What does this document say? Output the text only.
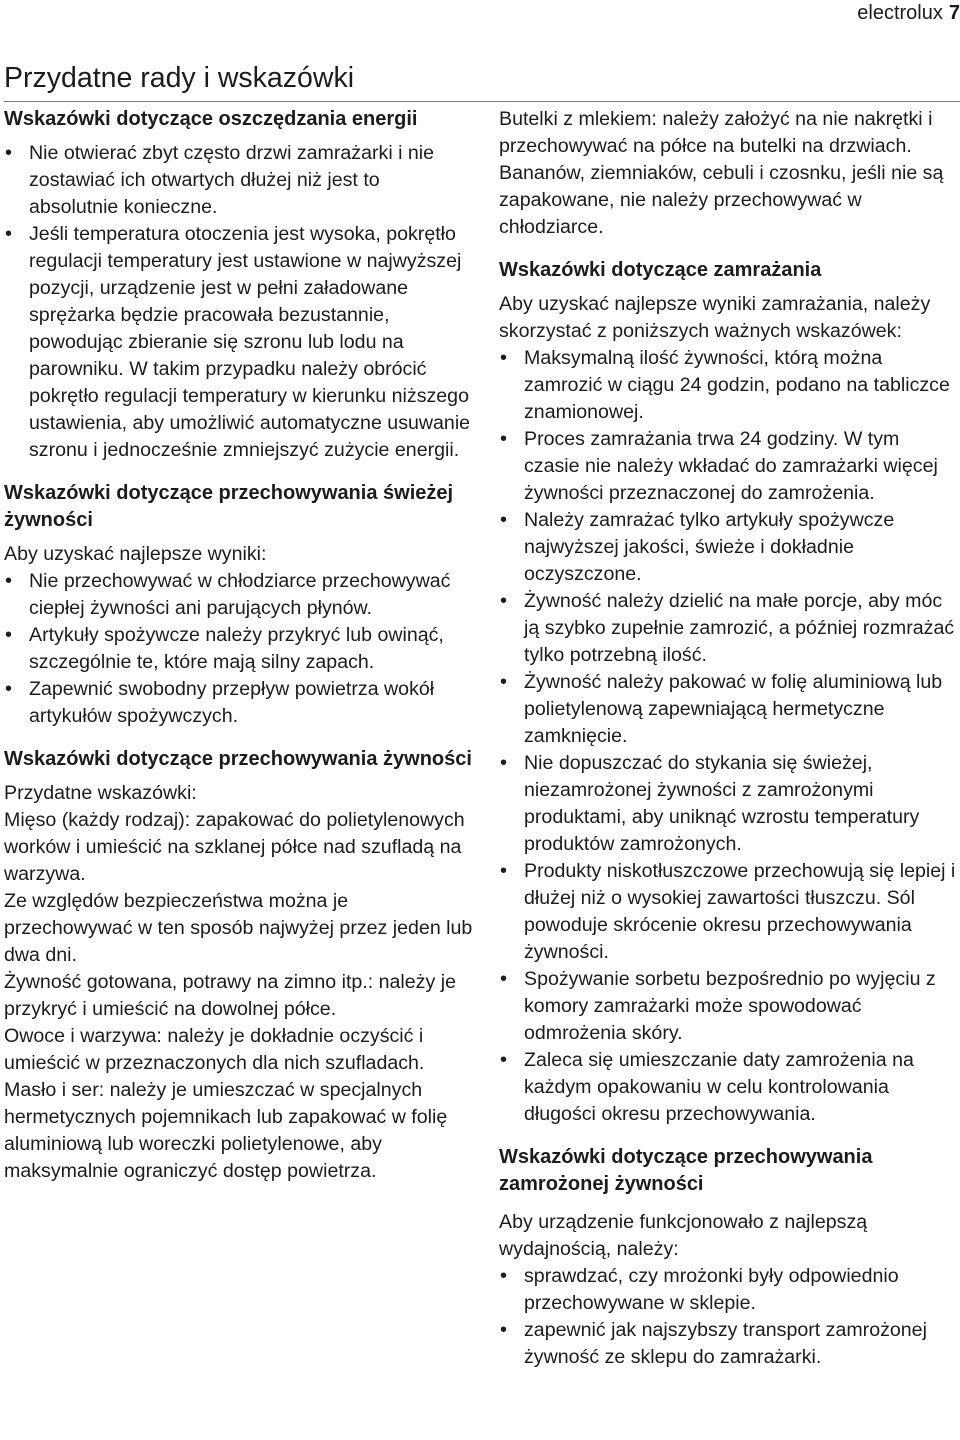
electrolux 7
Przydatne rady i wskazówki
Wskazówki dotyczące oszczędzania energii
• Nie otwierać zbyt często drzwi zamrażarki i nie zostawiać ich otwartych dłużej niż jest to absolutnie konieczne.
• Jeśli temperatura otoczenia jest wysoka, pokrętło regulacji temperatury jest ustawione w najwyższej pozycji, urządzenie jest w pełni załadowane sprężarka będzie pracowała bezustannie, powodując zbieranie się szronu lub lodu na parowniku. W takim przypadku należy obrócić pokrętło regulacji temperatury w kierunku niższego ustawienia, aby umożliwić automatyczne usuwanie szronu i jednocześnie zmniejszyć zużycie energii.
Wskazówki dotyczące przechowywania świeżej żywności

Aby uzyskać najlepsze wyniki:

• Nie przechowywać w chłodziarce przechowywać ciepłej żywności ani parujących płynów.
• Artykuły spożywcze należy przykryć lub owinąć, szczególnie te, które mają silny zapach.
• Zapewnić swobodny przepływ powietrza wokół artykułów spożywczych.
Wskazówki dotyczące przechowywania żywności

Przydatne wskazówki:

Mięso (każdy rodzaj): zapakować do polietylenowych worków i umieścić na szklanej półce nad szufladą na warzywa.

Ze względów bezpieczeństwa można je przechowywać w ten sposób najwyżej przez jeden lub dwa dni.

Żywność gotowana, potrawy na zimno itp.: należy je przykryć i umieścić na dowolnej półce.

Owoce i warzywa: należy je dokładnie oczyścić i umieścić w przeznaczonych dla nich szufladach.

Masło i ser: należy je umieszczać w specjalnych hermetycznych pojemnikach lub zapakować w folię aluminiową lub woreczki polietylenowe, aby maksymalnie ograniczyć dostęp powietrza.

Butelki z mlekiem: należy założyć na nie nakrętki i przechowywać na półce na butelki na drzwiach.

Bananów, ziemniaków, cebuli i czosnku, jeśli nie są zapakowane, nie należy przechowywać w chłodziarce.

Wskazówki dotyczące zamrażania

Aby uzyskać najlepsze wyniki zamrażania, należy skorzystać z poniższych ważnych wskazówek:

• Maksymalną ilość żywności, którą można zamrozić w ciągu 24 godzin, podano na tabliczce znamionowej.
• Proces zamrażania trwa 24 godziny. W tym czasie nie należy wkładać do zamrażarki więcej żywności przeznaczonej do zamrożenia.
• Należy zamrażać tylko artykuły spożywcze najwyższej jakości, świeże i dokładnie oczyszczone.
• Żywność należy dzielić na małe porcje, aby móc ją szybko zupełnie zamrozić, a później rozmrażać tylko potrzebną ilość.
• Żywność należy pakować w folię aluminiową lub polietylenową zapewniającą hermetyczne zamknięcie.
• Nie dopuszczać do stykania się świeżej, niezamrożonej żywności z zamrożonymi produktami, aby uniknąć wzrostu temperatury produktów zamrożonych.
• Produkty niskotłuszczowe przechowują się lepiej i dłużej niż o wysokiej zawartości tłuszczu. Sól powoduje skrócenie okresu przechowywania żywności.
• Spożywanie sorbetu bezpośrednio po wyjęciu z komory zamrażarki może spowodować odmrożenia skóry.
• Zaleca się umieszczanie daty zamrożenia na każdym opakowaniu w celu kontrolowania długości okresu przechowywania.
Wskazówki dotyczące przechowywania zamrożonej żywności

Aby urządzenie funkcjonowało z najlepszą wydajnością, należy:

• sprawdzać, czy mrożonki były odpowiednio przechowywane w sklepie.
• zapewnić jak najszybszy transport zamrożonej żywność ze sklepu do zamrażarki.
